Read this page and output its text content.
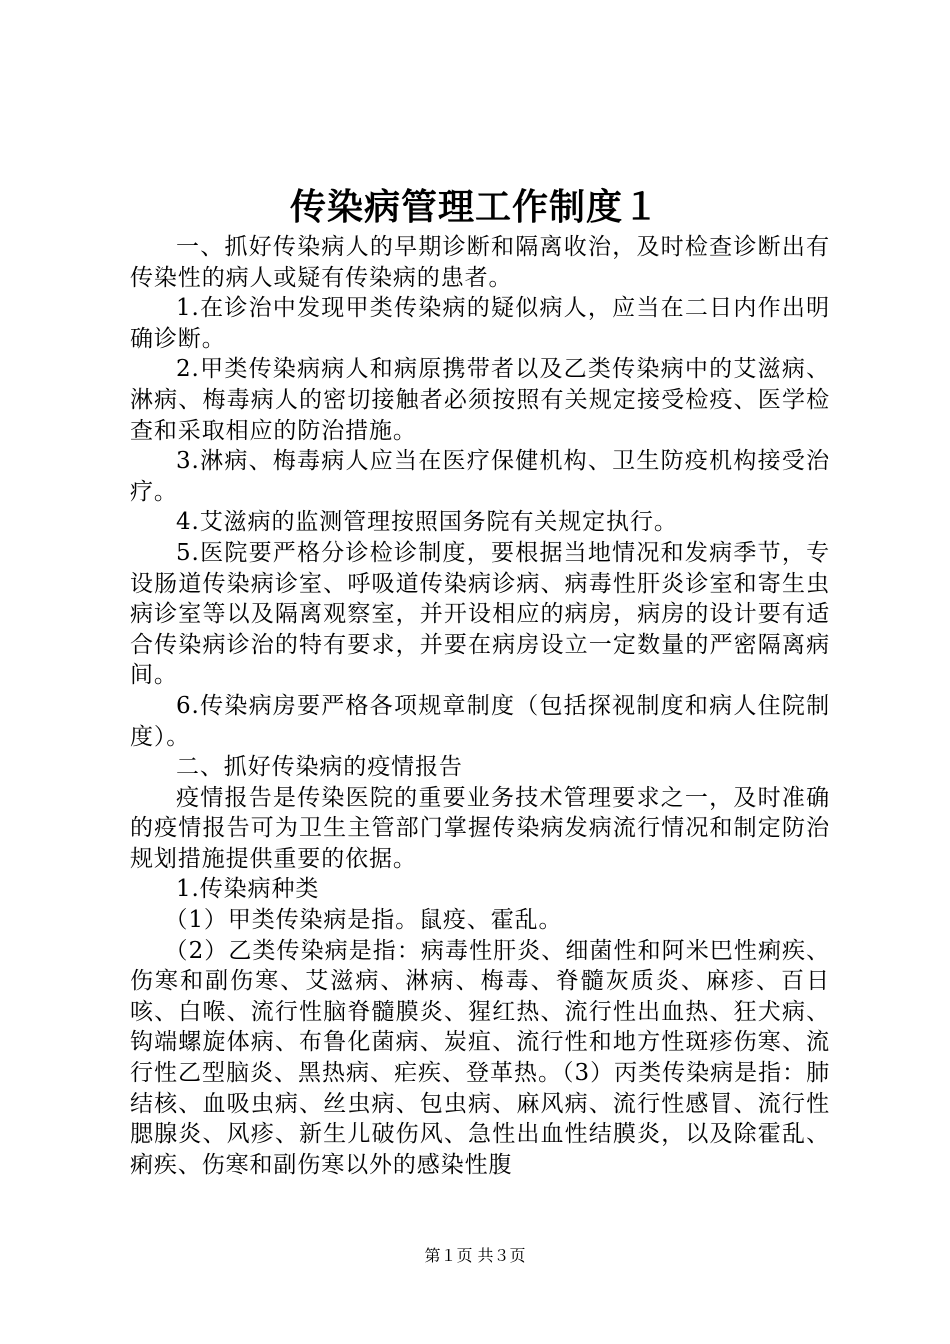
传染病管理工作制度１

一、抓好传染病人的早期诊断和隔离收治，及时检查诊断出有传染性的病人或疑有传染病的患者。

1.在诊治中发现甲类传染病的疑似病人，应当在二日内作出明确诊断。

2.甲类传染病病人和病原携带者以及乙类传染病中的艾滋病、淋病、梅毒病人的密切接触者必须按照有关规定接受检疫、医学检查和采取相应的防治措施。

3.淋病、梅毒病人应当在医疗保健机构、卫生防疫机构接受治疗。

4.艾滋病的监测管理按照国务院有关规定执行。

5.医院要严格分诊检诊制度，要根据当地情况和发病季节，专设肠道传染病诊室、呼吸道传染病诊病、病毒性肝炎诊室和寄生虫病诊室等以及隔离观察室，并开设相应的病房，病房的设计要有适合传染病诊治的特有要求，并要在病房设立一定数量的严密隔离病间。

6.传染病房要严格各项规章制度（包括探视制度和病人住院制度）。

二、抓好传染病的疫情报告

疫情报告是传染医院的重要业务技术管理要求之一，及时准确的疫情报告可为卫生主管部门掌握传染病发病流行情况和制定防治规划措施提供重要的依据。

1.传染病种类

（1）甲类传染病是指。鼠疫、霍乱。

（2）乙类传染病是指：病毒性肝炎、细菌性和阿米巴性痢疾、伤寒和副伤寒、艾滋病、淋病、梅毒、脊髓灰质炎、麻疹、百日咳、白喉、流行性脑脊髓膜炎、猩红热、流行性出血热、狂犬病、钩端螺旋体病、布鲁化菌病、炭疽、流行性和地方性斑疹伤寒、流行性乙型脑炎、黑热病、疟疾、登革热。（3）丙类传染病是指：肺结核、血吸虫病、丝虫病、包虫病、麻风病、流行性感冒、流行性腮腺炎、风疹、新生儿破伤风、急性出血性结膜炎，以及除霍乱、痢疾、伤寒和副伤寒以外的感染性腹

第１页 共３页
